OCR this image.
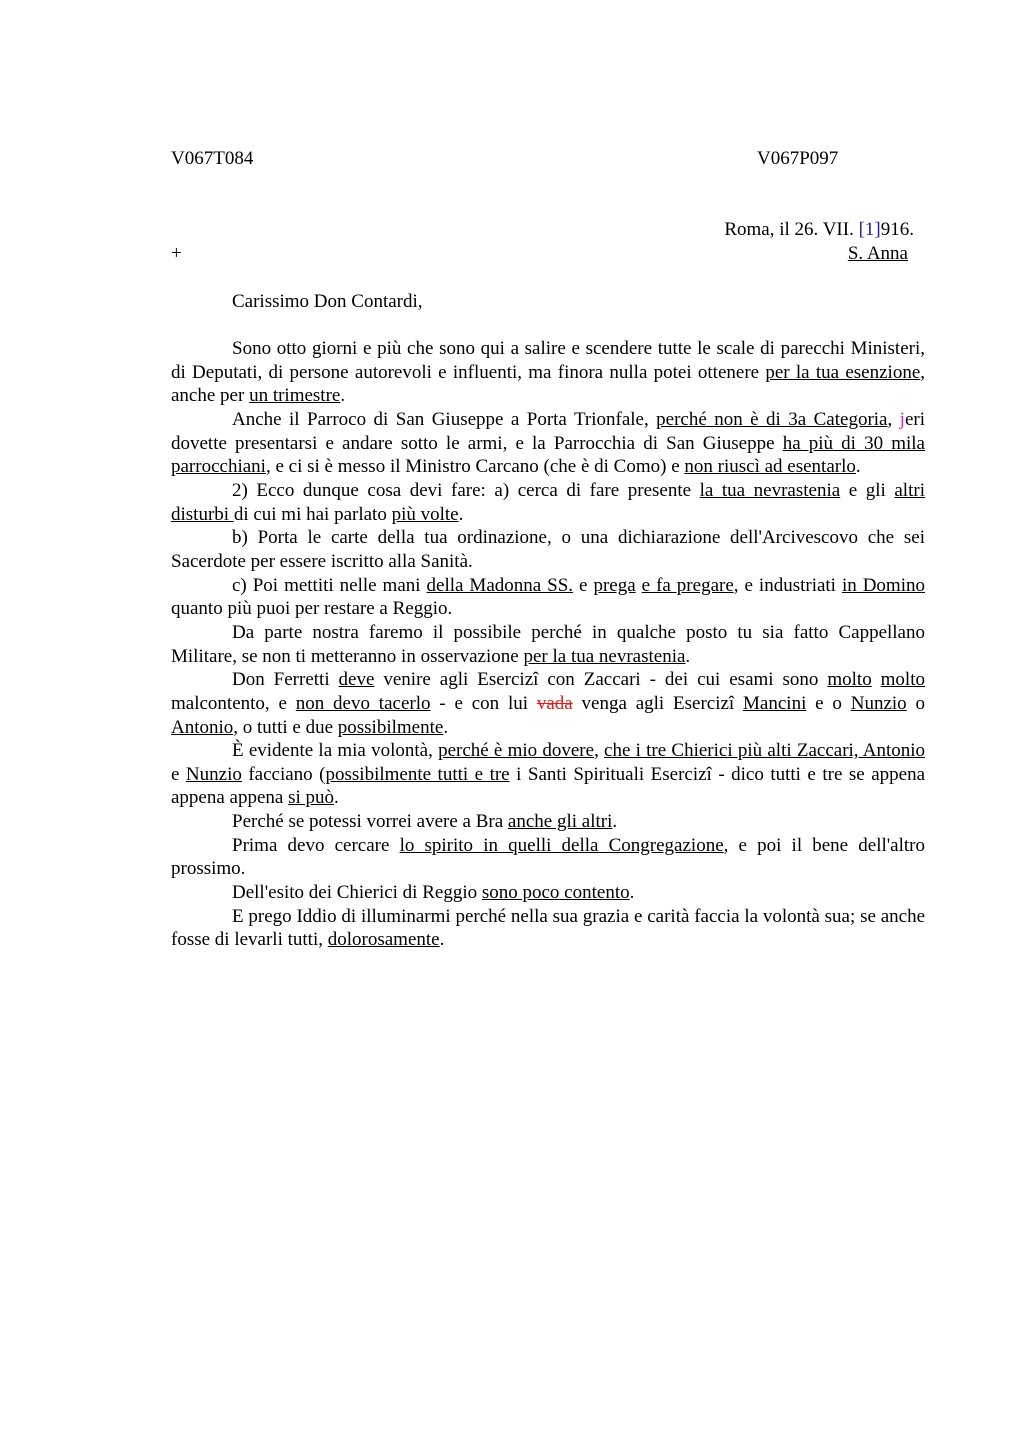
V067T084	V067P097
Roma, il 26. VII. [1]916.
+	S. Anna
Carissimo Don Contardi,

Sono otto giorni e più che sono qui a salire e scendere tutte le scale di parecchi Ministeri, di Deputati, di persone autorevoli e influenti, ma finora nulla potei ottenere per la tua esenzione, anche per un trimestre.

Anche il Parroco di San Giuseppe a Porta Trionfale, perché non è di 3a Categoria, jeri dovette presentarsi e andare sotto le armi, e la Parrocchia di San Giuseppe ha più di 30 mila parrocchiani, e ci si è messo il Ministro Carcano (che è di Como) e non riuscì ad esentarlo.

2) Ecco dunque cosa devi fare: a) cerca di fare presente la tua nevrastenia e gli altri disturbi di cui mi hai parlato più volte.

b) Porta le carte della tua ordinazione, o una dichiarazione dell'Arcivescovo che sei Sacerdote per essere iscritto alla Sanità.

c) Poi mettiti nelle mani della Madonna SS. e prega e fa pregare, e industriati in Domino quanto più puoi per restare a Reggio.

Da parte nostra faremo il possibile perché in qualche posto tu sia fatto Cappellano Militare, se non ti metteranno in osservazione per la tua nevrastenia.

Don Ferretti deve venire agli Esercizi con Zaccari - dei cui esami sono molto molto malcontento, e non devo tacerlo - e con lui vada venga agli Esercizi Mancini e o Nunzio o Antonio, o tutti e due possibilmente.

È evidente la mia volontà, perché è mio dovere, che i tre Chierici più alti Zaccari, Antonio e Nunzio facciano (possibilmente tutti e tre i Santi Spirituali Esercizi - dico tutti e tre se appena appena appena si può.

Perché se potessi vorrei avere a Bra anche gli altri.

Prima devo cercare lo spirito in quelli della Congregazione, e poi il bene dell'altro prossimo.

Dell'esito dei Chierici di Reggio sono poco contento.

E prego Iddio di illuminarmi perché nella sua grazia e carità faccia la volontà sua; se anche fosse di levarli tutti, dolorosamente.
